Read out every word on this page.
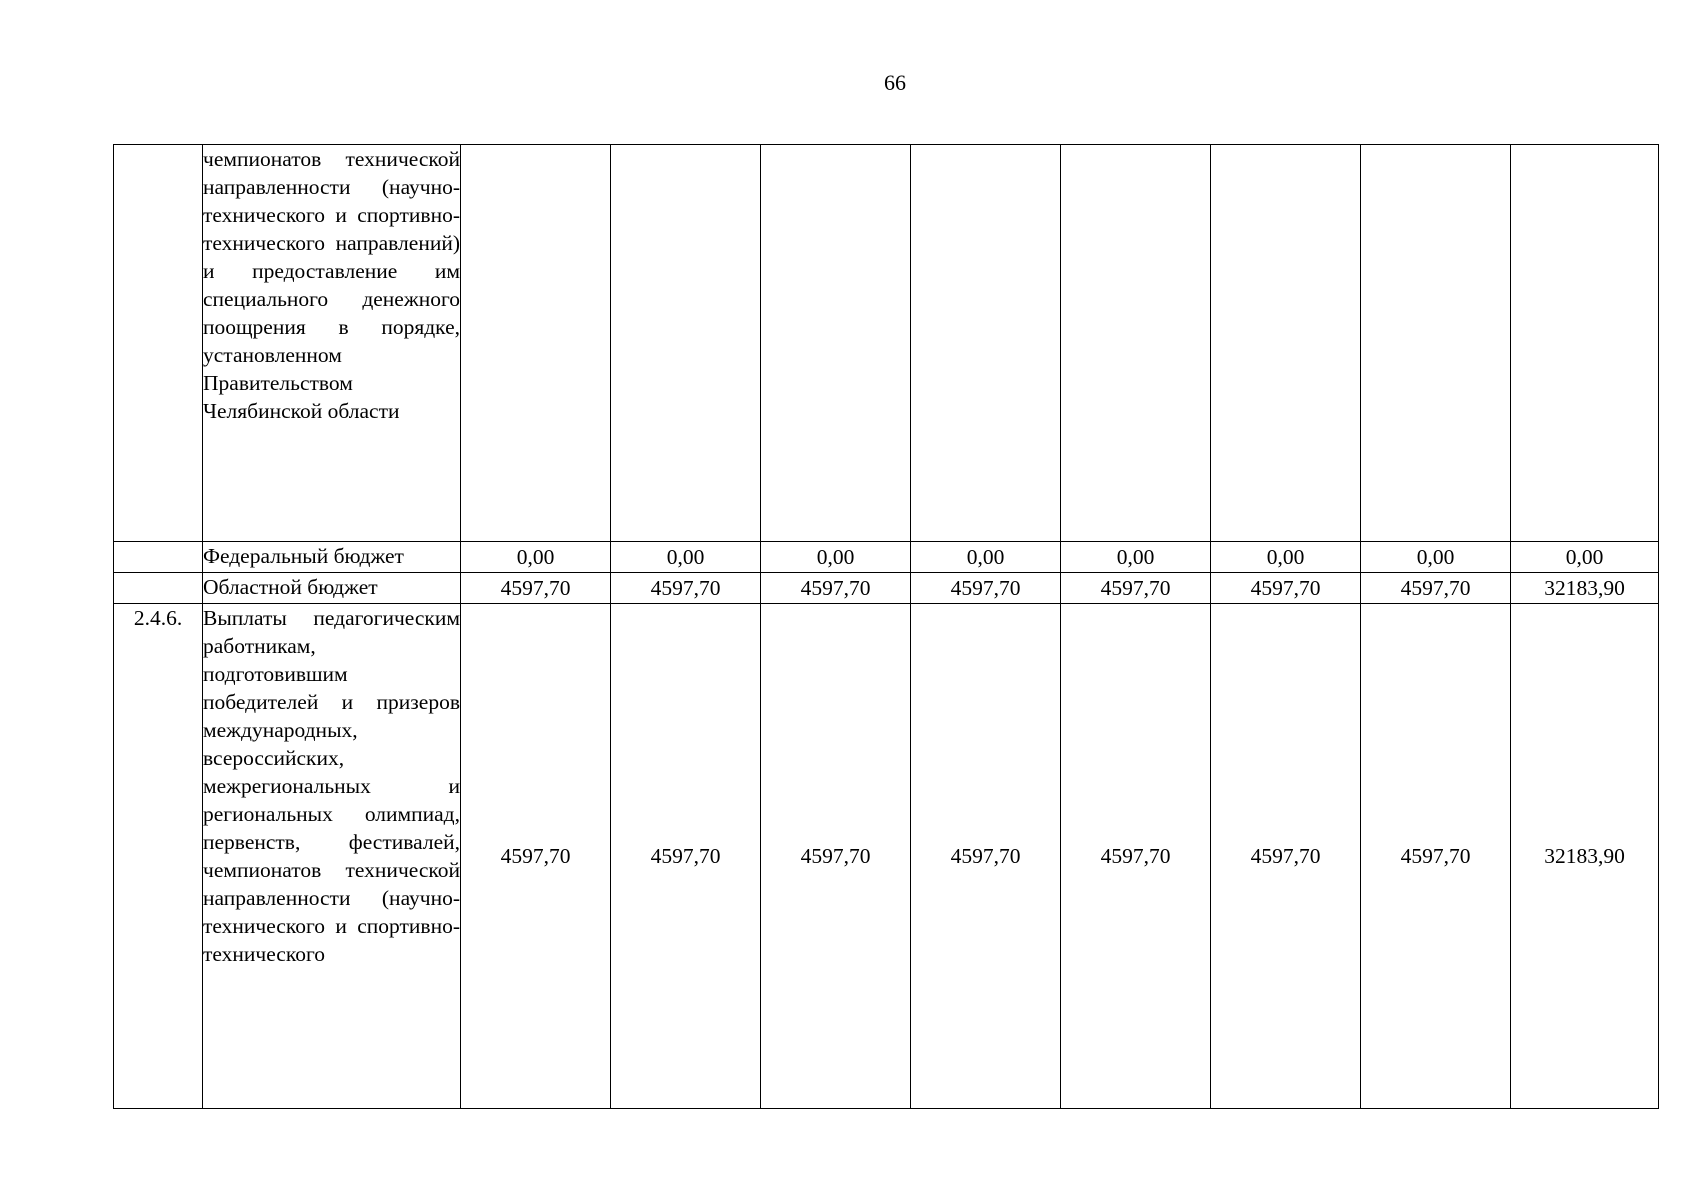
66
	чемпионатов технической направленности (научно-технического и спортивно-технического направлений) и предоставление им специального денежного поощрения в порядке, установленном Правительством Челябинской области								
	Федеральный бюджет	0,00	0,00	0,00	0,00	0,00	0,00	0,00	0,00
	Областной бюджет	4597,70	4597,70	4597,70	4597,70	4597,70	4597,70	4597,70	32183,90
2.4.6.	Выплаты педагогическим работникам, подготовившим победителей и призеров международных, всероссийских, межрегиональных и региональных олимпиад, первенств, фестивалей, чемпионатов технической направленности (научно-технического и спортивно-технического	4597,70	4597,70	4597,70	4597,70	4597,70	4597,70	4597,70	32183,90
